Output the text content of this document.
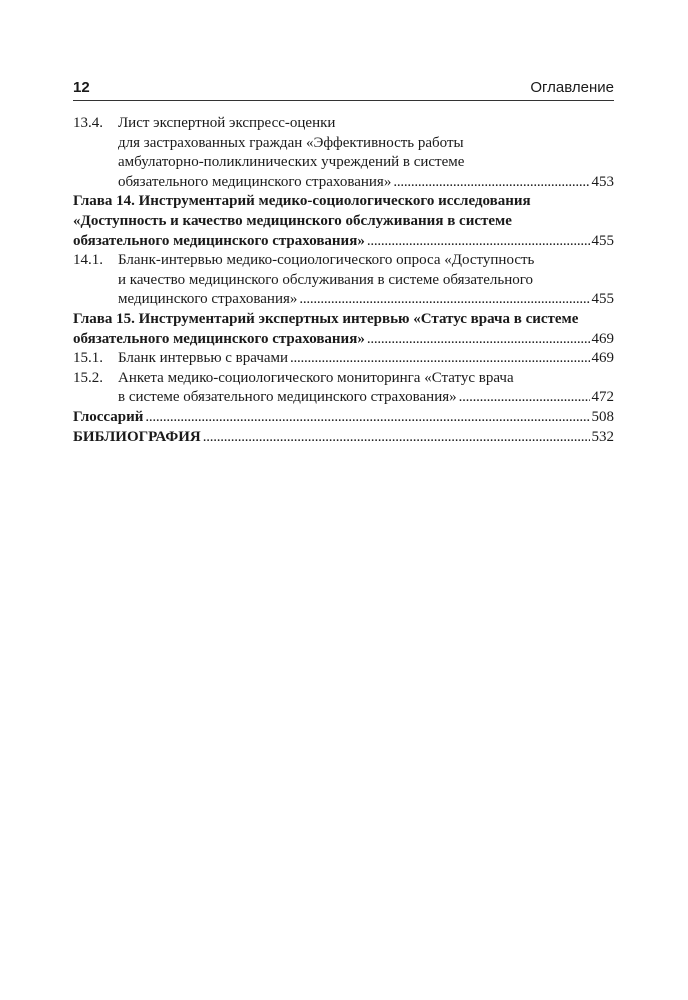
12	Оглавление
13.4. Лист экспертной экспресс-оценки
для застрахованных граждан «Эффективность работы
амбулаторно-поликлинических учреждений в системе
обязательного медицинского страхования» . . .	453
Глава 14. Инструментарий медико-социологического исследования
«Доступность и качество медицинского обслуживания в системе
обязательного медицинского страхования» . . .	455
14.1. Бланк-интервью медико-социологического опроса «Доступность
и качество медицинского обслуживания в системе обязательного
медицинского страхования» . . .	455
Глава 15. Инструментарий экспертных интервью «Статус врача в системе
обязательного медицинского страхования» . . .	469
15.1. Бланк интервью с врачами . . .	469
15.2. Анкета медико-социологического мониторинга «Статус врача
в системе обязательного медицинского страхования» . . .	472
Глоссарий . . .	508
БИБЛИОГРАФИЯ . . .	532
